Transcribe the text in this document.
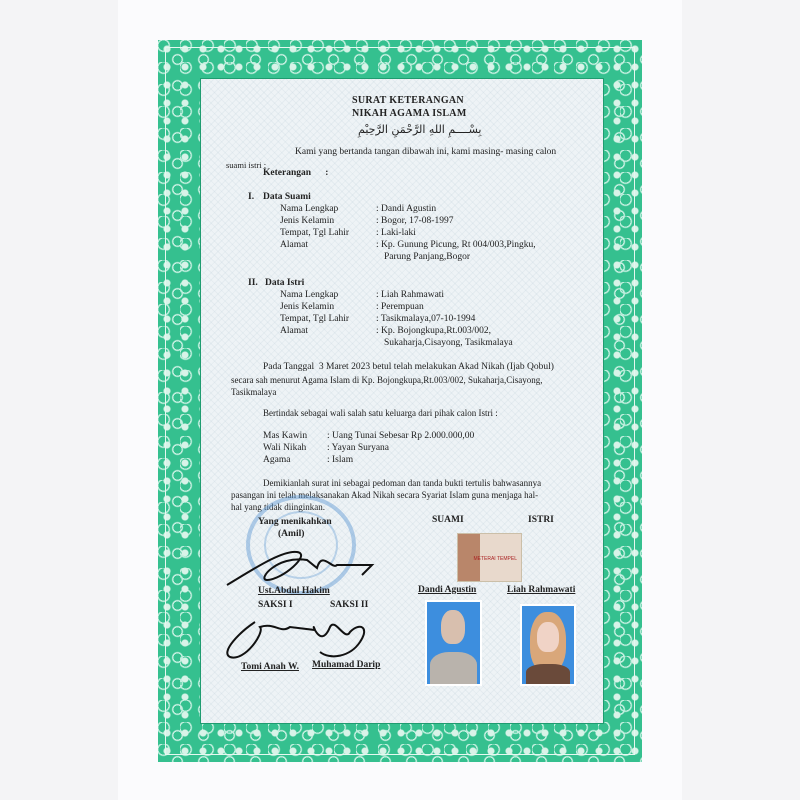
SURAT KETERANGAN
NIKAH AGAMA ISLAM
بِسْــــمِ اللهِ الرَّحْمَنِ الرَّحِيْمِ
Kami yang bertanda tangan dibawah ini, kami masing- masing calon
suami istri :
Keterangan      :
I. Data Suami
Nama Lengkap	: Dandi Agustin
Jenis Kelamin	: Bogor, 17-08-1997
Tempat, Tgl Lahir	: Laki-laki
Alamat	: Kp. Gunung Picung, Rt 004/003,Pingku,
Parung Panjang,Bogor
II. Data Istri
Nama Lengkap	: Liah Rahmawati
Jenis Kelamin	: Perempuan
Tempat, Tgl Lahir	: Tasikmalaya,07-10-1994
Alamat	: Kp. Bojongkupa,Rt.003/002,
Sukaharja,Cisayong, Tasikmalaya
Pada Tanggal  3 Maret 2023 betul telah melakukan Akad Nikah (Ijab Qobul)
secara sah menurut Agama Islam di Kp. Bojongkupa,Rt.003/002, Sukaharja,Cisayong,
Tasikmalaya
Bertindak sebagai wali salah satu keluarga dari pihak calon Istri :
Mas Kawin : Uang Tunai Sebesar Rp 2.000.000,00
Wali Nikah : Yayan Suryana
Agama	: Islam
Demikianlah surat ini sebagai pedoman dan tanda bukti tertulis bahwasannya
pasangan ini telah melaksanakan Akad Nikah secara Syariat Islam guna menjaga hal-
hal yang tidak diinginkan.
Yang menikahkan
(Amil)
Ust.Abdul Hakim
SAKSI I	SAKSI II
Tomi Anah W. Muhamad Darip
SUAMI	ISTRI
METERAI TEMPEL
Dandi Agustin	Liah Rahmawati
